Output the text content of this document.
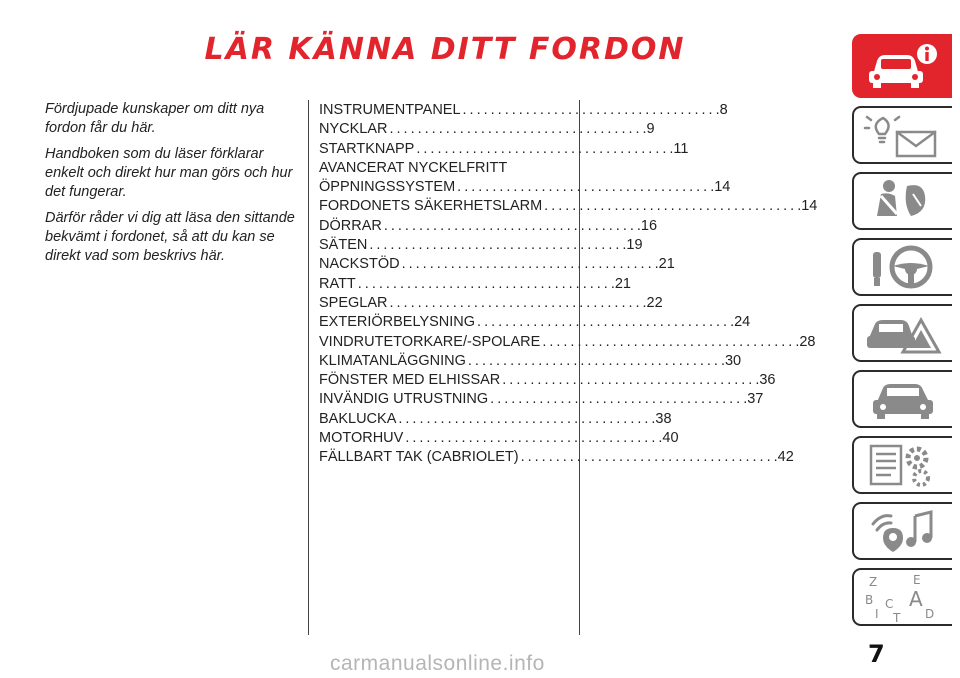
LÄR KÄNNA DITT FORDON

Fördjupade kunskaper om ditt nya fordon får du här.

Handboken som du läser förklarar enkelt och direkt hur man görs och hur det fungerar.

Därför råder vi dig att läsa den sittande bekvämt i fordonet, så att du kan se direkt vad som beskrivs här.

INSTRUMENTPANEL .................................... .8
NYCKLAR .................................... .9
STARTKNAPP .................................... .11
AVANCERAT NYCKELFRITT
ÖPPNINGSSYSTEM .................................... .14
FORDONETS SÄKERHETSLARM .................................... .14
DÖRRAR .................................... .16
SÄTEN .................................... .19
NACKSTÖD .................................... .21
RATT .................................... .21
SPEGLAR .................................... .22
EXTERIÖRBELYSNING .................................... .24
VINDRUTETORKARE/-SPOLARE .................................... .28
KLIMATANLÄGGNING .................................... .30
FÖNSTER MED ELHISSAR .................................... .36
INVÄNDIG UTRUSTNING .................................... .37
BAKLUCKA .................................... .38
MOTORHUV .................................... .40
FÄLLBART TAK (CABRIOLET) .................................... .42
Z	E
B A
C
I T D
7
carmanualsonline.info
